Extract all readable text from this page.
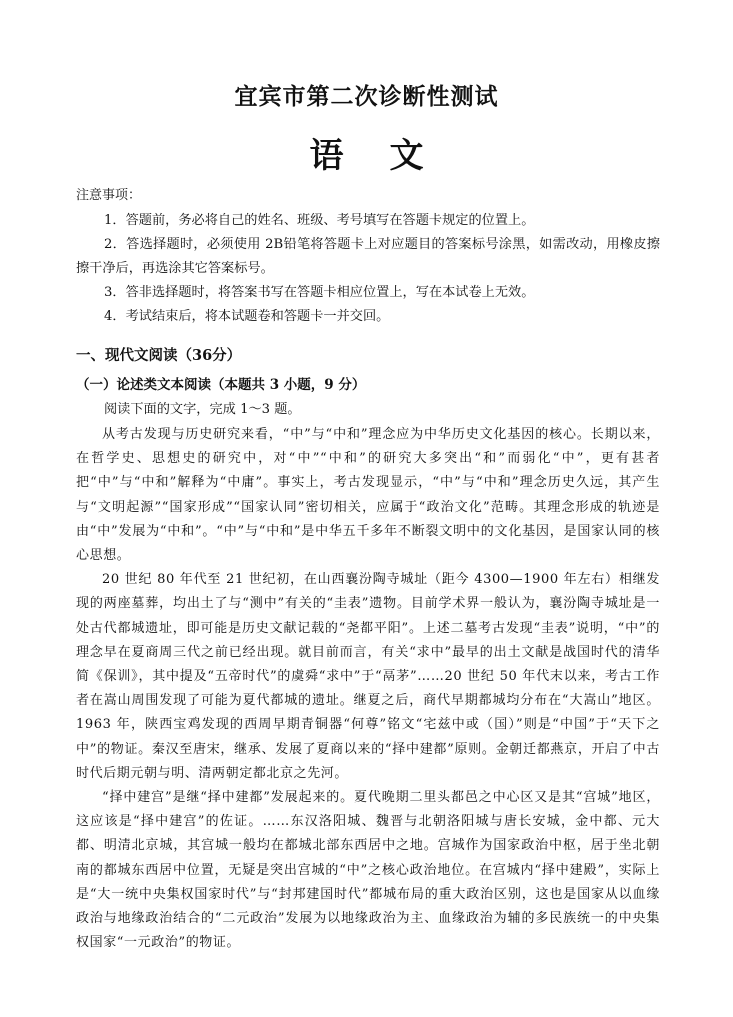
宜宾市第二次诊断性测试
语 文
注意事项：

1．答题前，务必将自己的姓名、班级、考号填写在答题卡规定的位置上。

2．答选择题时，必须使用 2B铅笔将答题卡上对应题目的答案标号涂黑，如需改动，用橡皮擦擦干净后，再选涂其它答案标号。

3．答非选择题时，将答案书写在答题卡相应位置上，写在本试卷上无效。

4．考试结束后，将本试题卷和答题卡一并交回。

一、现代文阅读（36分）
（一）论述类文本阅读（本题共 3 小题，9 分）
阅读下面的文字，完成 1～3 题。

从考古发现与历史研究来看，“中”与“中和”理念应为中华历史文化基因的核心。长期以来，在哲学史、思想史的研究中，对“中”“中和”的研究大多突出“和”而弱化“中”，更有甚者把“中”与“中和”解释为“中庸”。事实上，考古发现显示，“中”与“中和”理念历史久远，其产生与“文明起源”“国家形成”“国家认同”密切相关，应属于“政治文化”范畴。其理念形成的轨迹是由“中”发展为“中和”。“中”与“中和”是中华五千多年不断裂文明中的文化基因，是国家认同的核心思想。

20 世纪 80 年代至 21 世纪初，在山西襄汾陶寺城址（距今 4300—1900 年左右）相继发现的两座墓葬，均出土了与“测中”有关的“圭表”遗物。目前学术界一般认为，襄汾陶寺城址是一处古代都城遗址，即可能是历史文献记载的“尧都平阳”。上述二墓考古发现“圭表”说明，“中”的理念早在夏商周三代之前已经出现。就目前而言，有关“求中”最早的出土文献是战国时代的清华简《保训》，其中提及“五帝时代”的虞舜“求中”于“鬲茅”……20 世纪 50 年代末以来，考古工作者在嵩山周围发现了可能为夏代都城的遗址。继夏之后，商代早期都城均分布在“大嵩山”地区。1963 年，陕西宝鸡发现的西周早期青铜器“何尊”铭文“宅兹中或（国）”则是“中国”于“天下之中”的物证。秦汉至唐宋，继承、发展了夏商以来的“择中建都”原则。金朝迁都燕京，开启了中古时代后期元朝与明、清两朝定都北京之先河。

“择中建宫”是继“择中建都”发展起来的。夏代晚期二里头都邑之中心区又是其“宫城”地区，这应该是“择中建宫”的佐证。……东汉洛阳城、魏晋与北朝洛阳城与唐长安城，金中都、元大都、明清北京城，其宫城一般均在都城北部东西居中之地。宫城作为国家政治中枢，居于坐北朝南的都城东西居中位置，无疑是突出宫城的“中”之核心政治地位。在宫城内“择中建殿”，实际上是“大一统中央集权国家时代”与“封邦建国时代”都城布局的重大政治区别，这也是国家从以血缘政治与地缘政治结合的“二元政治”发展为以地缘政治为主、血缘政治为辅的多民族统一的中央集权国家“一元政治”的物证。
